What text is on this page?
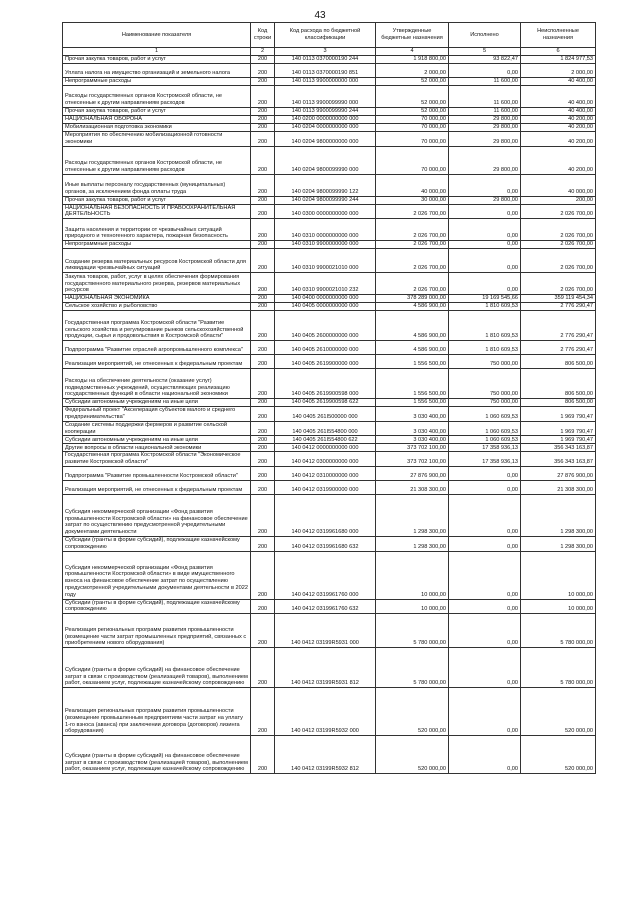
43
Наименование показателя	Код строки	Код расхода по бюджетной классификации	Утвержденные бюджетные назначения	Исполнено	Неисполненные назначения
1	2	3	4	5	6
Прочая закупка товаров, работ и услуг	200	140 0113 0370000190 244	1 918 800,00	93 822,47	1 824 977,53
Уплата налога на имущество организаций и земельного налога	200	140 0113 0370000190 851	2 000,00	0,00	2 000,00
Непрограммные расходы	200	140 0113 9900000000 000	52 000,00	11 600,00	40 400,00
Расходы государственных органов Костромской области, не отнесенные к другим направлениям расходов	200	140 0113 9900099990 000	52 000,00	11 600,00	40 400,00
Прочая закупка товаров, работ и услуг	200	140 0113 9900099990 244	52 000,00	11 600,00	40 400,00
НАЦИОНАЛЬНАЯ ОБОРОНА	200	140 0200 0000000000 000	70 000,00	29 800,00	40 200,00
Мобилизационная подготовка экономики	200	140 0204 0000000000 000	70 000,00	29 800,00	40 200,00
Мероприятия по обеспечению мобилизационной готовности экономики	200	140 0204 9800000000 000	70 000,00	29 800,00	40 200,00
Расходы государственных органов Костромской области, не отнесенные к другим направлениям расходов	200	140 0204 9800099990 000	70 000,00	29 800,00	40 200,00
Иные выплаты персоналу государственных (муниципальных) органов, за исключением фонда оплаты труда	200	140 0204 9800099990 122	40 000,00	0,00	40 000,00
Прочая закупка товаров, работ и услуг	200	140 0204 9800099990 244	30 000,00	29 800,00	200,00
НАЦИОНАЛЬНАЯ БЕЗОПАСНОСТЬ И ПРАВООХРАНИТЕЛЬНАЯ ДЕЯТЕЛЬНОСТЬ	200	140 0300 0000000000 000	2 026 700,00	0,00	2 026 700,00
Защита населения и территории от чрезвычайных ситуаций природного и техногенного характера, пожарная безопасность	200	140 0310 0000000000 000	2 026 700,00	0,00	2 026 700,00
Непрограммные расходы	200	140 0310 9900000000 000	2 026 700,00	0,00	2 026 700,00
Создание резерва материальных ресурсов Костромской области для ликвидации чрезвычайных ситуаций	200	140 0310 9900021010 000	2 026 700,00	0,00	2 026 700,00
Закупка товаров, работ, услуг в целях обеспечения формирования государственного материального резерва, резервов материальных ресурсов	200	140 0310 9900021010 232	2 026 700,00	0,00	2 026 700,00
НАЦИОНАЛЬНАЯ ЭКОНОМИКА	200	140 0400 0000000000 000	378 289 000,00	19 169 545,66	359 119 454,34
Сельское хозяйство и рыболовство	200	140 0405 0000000000 000	4 586 900,00	1 810 609,53	2 776 290,47
Государственная программа Костромской области "Развитие сельского хозяйства и регулирование рынков сельскохозяйственной продукции, сырья и продовольствия в Костромской области"	200	140 0405 2600000000 000	4 586 900,00	1 810 609,53	2 776 290,47
Подпрограмма "Развитие отраслей агропромышленного комплекса"	200	140 0405 2610000000 000	4 586 900,00	1 810 609,53	2 776 290,47
Реализация мероприятий, не отнесенных к федеральным проектам	200	140 0405 2619900000 000	1 556 500,00	750 000,00	806 500,00
Расходы на обеспечение деятельности (оказание услуг) подведомственных учреждений, осуществляющих реализацию государственных функций в области национальной экономики	200	140 0405 2619900598 000	1 556 500,00	750 000,00	806 500,00
Субсидии автономным учреждениям на иные цели	200	140 0405 2619900598 622	1 556 500,00	750 000,00	806 500,00
Федеральный проект "Акселерация субъектов малого и среднего предпринимательства"	200	140 0405 261I500000 000	3 030 400,00	1 060 609,53	1 969 790,47
Создание системы поддержки фермеров и развитие сельской кооперации	200	140 0405 261I554800 000	3 030 400,00	1 060 609,53	1 969 790,47
Субсидии автономным учреждениям на иные цели	200	140 0405 261I554800 622	3 030 400,00	1 060 609,53	1 969 790,47
Другие вопросы в области национальной экономики	200	140 0412 0000000000 000	373 702 100,00	17 358 936,13	356 343 163,87
Государственная программа Костромской области "Экономическое развитие Костромской области"	200	140 0412 0300000000 000	373 702 100,00	17 358 936,13	356 343 163,87
Подпрограмма "Развитие промышленности Костромской области"	200	140 0412 0310000000 000	27 876 900,00	0,00	27 876 900,00
Реализация мероприятий, не отнесенных к федеральным проектам	200	140 0412 0319900000 000	21 308 300,00	0,00	21 308 300,00
Субсидия некоммерческой организации «Фонд развития промышленности Костромской области» на финансовое обеспечение затрат по осуществлению предусмотренной учредительными документами деятельности	200	140 0412 0319961680 000	1 298 300,00	0,00	1 298 300,00
Субсидии (гранты в форме субсидий), подлежащие казначейскому сопровождению	200	140 0412 0319961680 632	1 298 300,00	0,00	1 298 300,00
Субсидия некоммерческой организации «Фонд развития промышленности Костромской области» в виде имущественного взноса на финансовое обеспечение затрат по осуществлению предусмотренной учредительными документами деятельности в 2022 году	200	140 0412 0319961760 000	10 000,00	0,00	10 000,00
Субсидии (гранты в форме субсидий), подлежащие казначейскому сопровождению	200	140 0412 0319961760 632	10 000,00	0,00	10 000,00
Реализация региональных программ развития промышленности (возмещение части затрат промышленных предприятий, связанных с приобретением нового оборудования)	200	140 0412 03199R5931 000	5 780 000,00	0,00	5 780 000,00
Субсидии (гранты в форме субсидий) на финансовое обеспечение затрат в связи с производством (реализацией товаров), выполнением работ, оказанием услуг, подлежащие казначейскому сопровождению	200	140 0412 03199R5931 812	5 780 000,00	0,00	5 780 000,00
Реализация региональных программ развития промышленности (возмещение промышленным предприятиям части затрат на уплату 1-го взноса (аванса) при заключении договора (договоров) лизинга оборудования)	200	140 0412 03199R5932 000	520 000,00	0,00	520 000,00
Субсидии (гранты в форме субсидий) на финансовое обеспечение затрат в связи с производством (реализацией товаров), выполнением работ, оказанием услуг, подлежащие казначейскому сопровождению	200	140 0412 03199R5932 812	520 000,00	0,00	520 000,00
